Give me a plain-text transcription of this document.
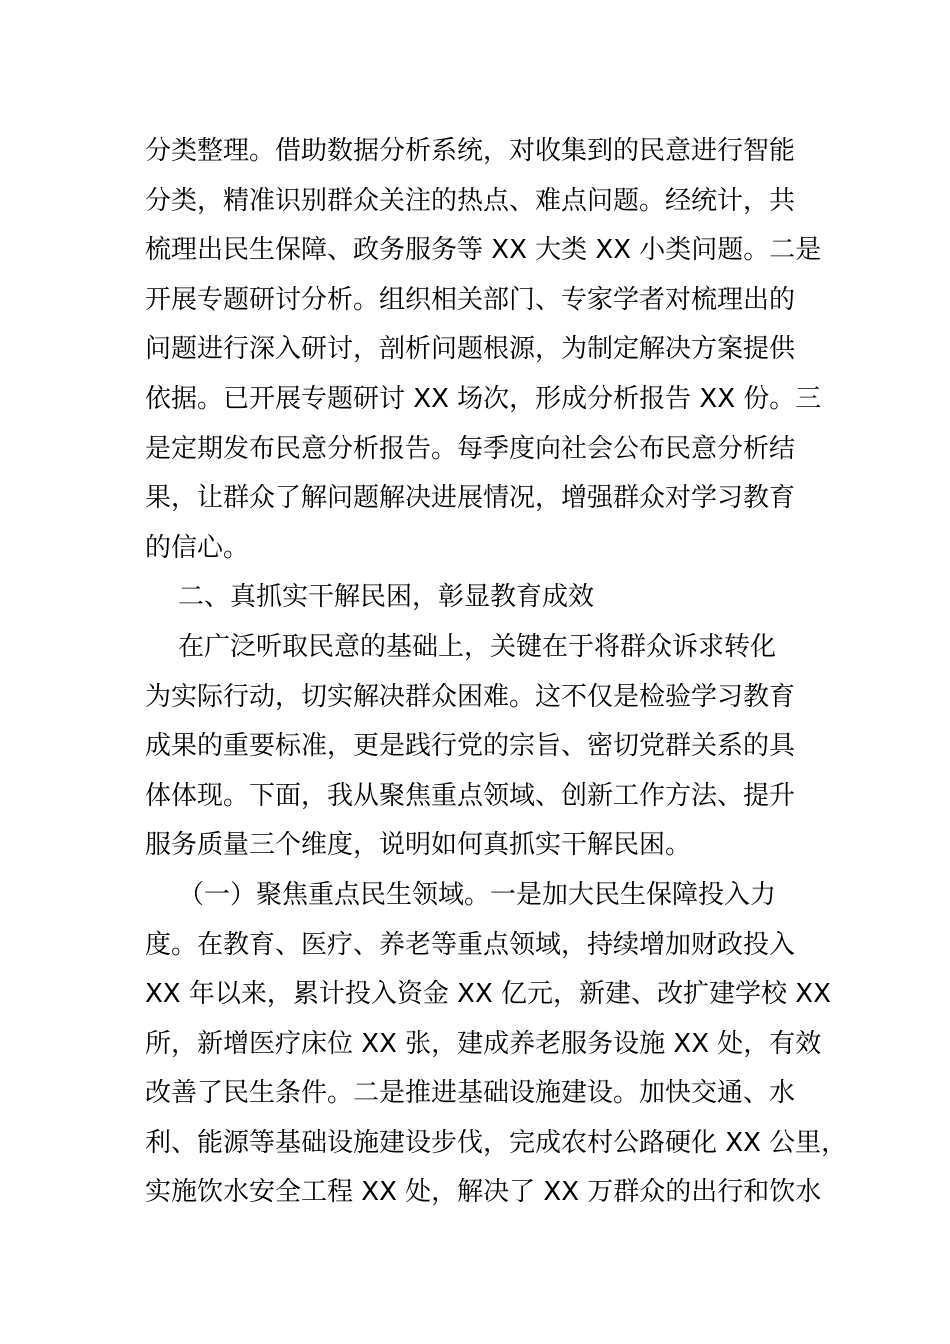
分类整理。借助数据分析系统，对收集到的民意进行智能
分类，精准识别群众关注的热点、难点问题。经统计，共
梳理出民生保障、政务服务等 XX 大类 XX 小类问题。二是
开展专题研讨分析。组织相关部门、专家学者对梳理出的
问题进行深入研讨，剖析问题根源，为制定解决方案提供
依据。已开展专题研讨 XX 场次，形成分析报告 XX 份。三
是定期发布民意分析报告。每季度向社会公布民意分析结
果，让群众了解问题解决进展情况，增强群众对学习教育
的信心。
二、真抓实干解民困，彰显教育成效
在广泛听取民意的基础上，关键在于将群众诉求转化
为实际行动，切实解决群众困难。这不仅是检验学习教育
成果的重要标准，更是践行党的宗旨、密切党群关系的具
体体现。下面，我从聚焦重点领域、创新工作方法、提升
服务质量三个维度，说明如何真抓实干解民困。
（一）聚焦重点民生领域。一是加大民生保障投入力
度。在教育、医疗、养老等重点领域，持续增加财政投入
XX 年以来，累计投入资金 XX 亿元，新建、改扩建学校 XX
所，新增医疗床位 XX 张，建成养老服务设施 XX 处，有效
改善了民生条件。二是推进基础设施建设。加快交通、水
利、能源等基础设施建设步伐，完成农村公路硬化 XX 公里，
实施饮水安全工程 XX 处，解决了 XX 万群众的出行和饮水
